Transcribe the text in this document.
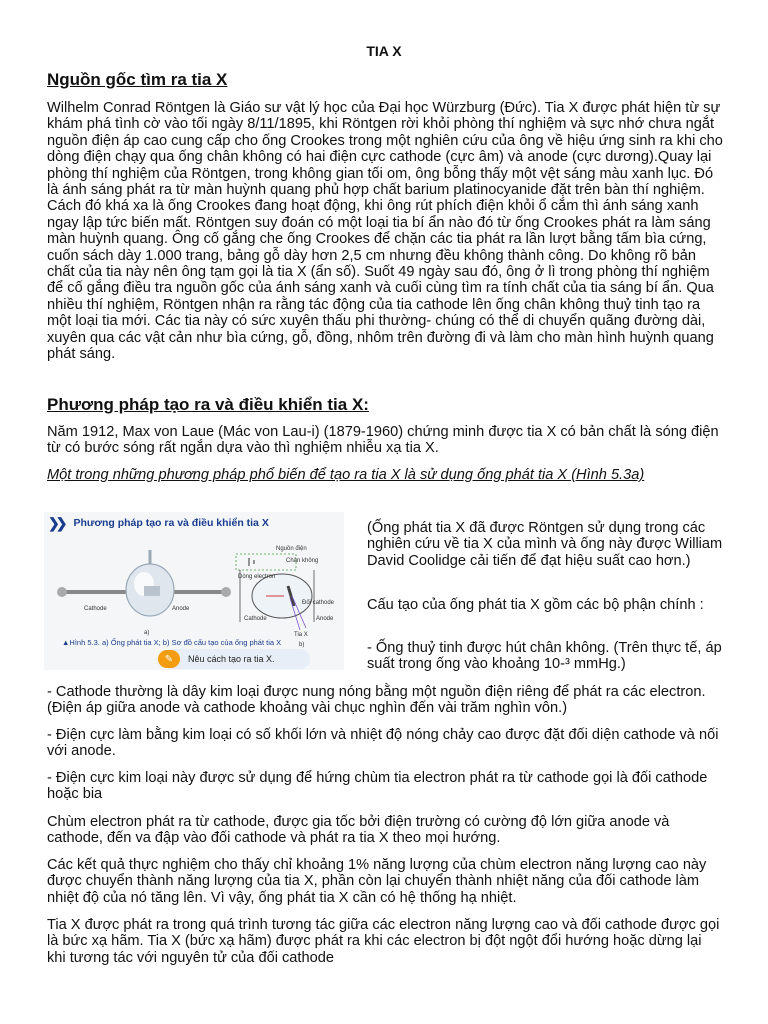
TIA X
Nguồn gốc tìm ra tia X

Wilhelm Conrad Röntgen là Giáo sư vật lý học của Đại học Würzburg (Đức). Tia X được phát hiện từ sự khám phá tình cờ vào tối ngày 8/11/1895, khi Röntgen rời khỏi phòng thí nghiệm và sực nhớ chưa ngắt nguồn điện áp cao cung cấp cho ống Crookes trong một nghiên cứu của ông về hiệu ứng sinh ra khi cho dòng điện chạy qua ống chân không có hai điện cực cathode (cực âm) và anode (cực dương).Quay lại phòng thí nghiệm của Röntgen, trong không gian tối om, ông bỗng thấy một vệt sáng màu xanh lục. Đó là ánh sáng phát ra từ màn huỳnh quang phủ hợp chất barium platinocyanide đặt trên bàn thí nghiệm. Cách đó khá xa là ống Crookes đang hoạt động, khi ông rút phích điện khỏi ổ cắm thì ánh sáng xanh ngay lập tức biến mất. Röntgen suy đoán có một loại tia bí ẩn nào đó từ ống Crookes phát ra làm sáng màn huỳnh quang. Ông cố gắng che ống Crookes để chặn các tia phát ra lần lượt bằng tấm bìa cứng, cuốn sách dày 1.000 trang, bảng gỗ dày hơn 2,5 cm nhưng đều không thành công. Do không rõ bản chất của tia này nên ông tạm gọi là tia X (ẩn số). Suốt 49 ngày sau đó, ông ở lì trong phòng thí nghiệm để cố gắng điều tra nguồn gốc của ánh sáng xanh và cuối cùng tìm ra tính chất của tia sáng bí ẩn. Qua nhiều thí nghiệm, Röntgen nhận ra rằng tác động của tia cathode lên ống chân không thuỷ tinh tạo ra một loại tia mới. Các tia này có sức xuyên thấu phi thường- chúng có thể di chuyển quãng đường dài, xuyên qua các vật cản như bìa cứng, gỗ, đồng, nhôm trên đường đi và làm cho màn hình huỳnh quang phát sáng.

Phương pháp tạo ra và điều khiển tia X:

Năm 1912, Max von Laue (Mác von Lau-i) (1879-1960) chứng minh được tia X có bản chất là sóng điện từ có bước sóng rất ngắn dựa vào thì nghiệm nhiễu xạ tia X.

Một trong những phương pháp phổ biến để tạo ra tia X là sử dụng ống phát tia X (Hình 5.3a)

❯❯ Phương pháp tạo ra và điều khiển tia X
Cathode	Anode
a)
Nguồn điện
Chân không
Dòng electron
Đối cathode
Tia X
Cathode	Anode
b)
▲Hình 5.3. a) Ống phát tia X; b) Sơ đồ cấu tạo của ống phát tia X
✎	Nêu cách tạo ra tia X.

(Ống phát tia X đã được Röntgen sử dụng trong các nghiên cứu về tia X của mình và ống này được William David Coolidge cải tiến để đạt hiệu suất cao hơn.)

Cấu tạo của ống phát tia X gồm các bộ phận chính :

- Ống thuỷ tinh được hút chân không. (Trên thực tế, áp suất trong ống vào khoảng 10-³ mmHg.)

- Cathode thường là dây kim loại được nung nóng bằng một nguồn điện riêng để phát ra các electron. (Điện áp giữa anode và cathode khoảng vài chục nghìn đến vài trăm nghìn vôn.)

- Điện cực làm bằng kim loại có số khối lớn và nhiệt độ nóng chảy cao được đặt đối diện cathode và nối với anode.

- Điện cực kim loại này được sử dụng để hứng chùm tia electron phát ra từ cathode gọi là đối cathode hoặc bia

Chùm electron phát ra từ cathode, được gia tốc bởi điện trường có cường độ lớn giữa anode và cathode, đến va đập vào đối cathode và phát ra tia X theo mọi hướng.

Các kết quả thực nghiệm cho thấy chỉ khoảng 1% năng lượng của chùm electron năng lượng cao này được chuyển thành năng lượng của tia X, phần còn lại chuyển thành nhiệt năng của đối cathode làm nhiệt độ của nó tăng lên. Vì vậy, ống phát tia X cần có hệ thống hạ nhiệt.

Tia X được phát ra trong quá trình tương tác giữa các electron năng lượng cao và đối cathode được gọi là bức xạ hãm. Tia X (bức xạ hãm) được phát ra khi các electron bị đột ngột đổi hướng hoặc dừng lại khi tương tác với nguyên tử của đối cathode
